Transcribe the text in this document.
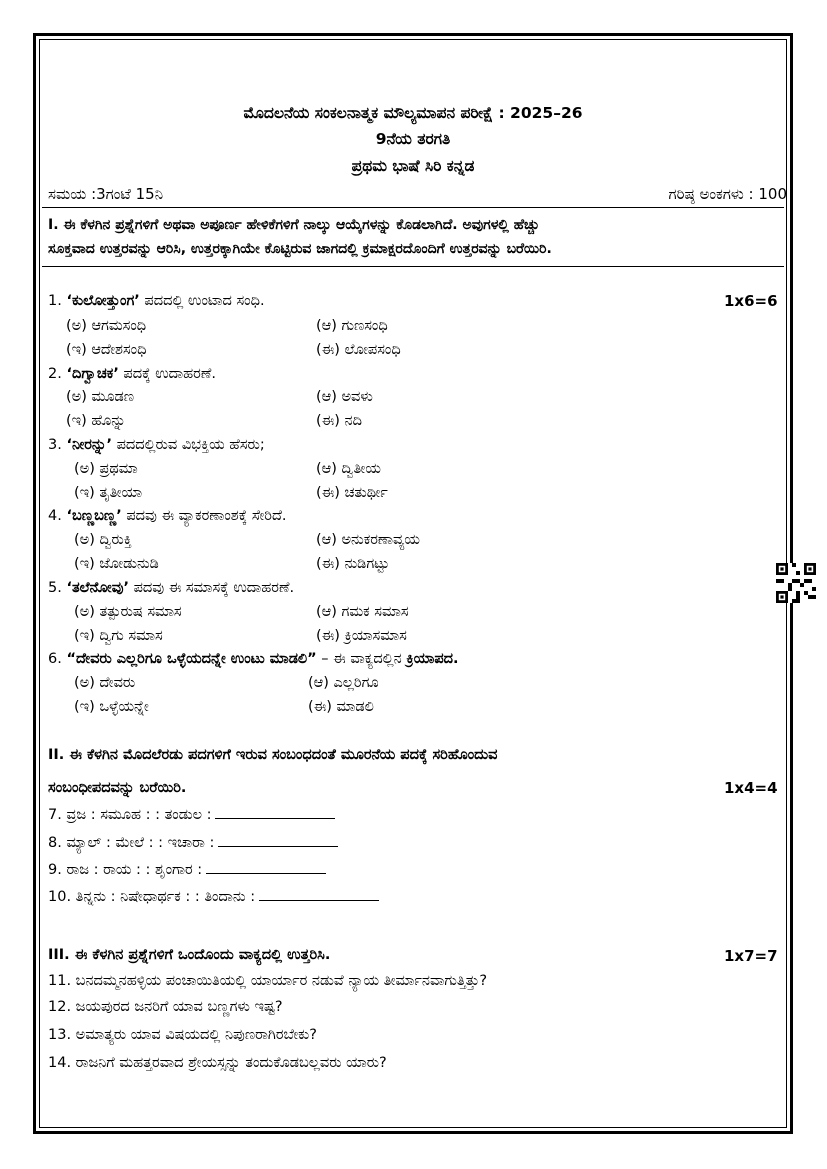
ಮೊದಲನೆಯ ಸಂಕಲನಾತ್ಮಕ ಮೌಲ್ಯಮಾಪನ ಪರೀಕ್ಷೆ : 2025–26
9ನೆಯ ತರಗತಿ
ಪ್ರಥಮ ಭಾಷೆ ಸಿರಿ ಕನ್ನಡ
ಸಮಯ :3ಗಂಟೆ 15ನಿ	ಗರಿಷ್ಠ ಅಂಕಗಳು : 100
I. ಈ ಕೆಳಗಿನ ಪ್ರಶ್ನೆಗಳಿಗೆ ಅಥವಾ ಅಪೂರ್ಣ ಹೇಳಿಕೆಗಳಿಗೆ ನಾಲ್ಕು ಆಯ್ಕೆಗಳನ್ನು ಕೊಡಲಾಗಿದೆ. ಅವುಗಳಲ್ಲಿ ಹೆಚ್ಚು
ಸೂಕ್ತವಾದ ಉತ್ತರವನ್ನು ಆರಿಸಿ, ಉತ್ತರಕ್ಕಾಗಿಯೇ ಕೊಟ್ಟಿರುವ ಜಾಗದಲ್ಲಿ ಕ್ರಮಾಕ್ಷರದೊಂದಿಗೆ ಉತ್ತರವನ್ನು ಬರೆಯಿರಿ.
1x6=6
1. ‘ಕುಲೋತ್ತುಂಗ’ ಪದದಲ್ಲಿ ಉಂಟಾದ ಸಂಧಿ.
(ಅ) ಆಗಮಸಂಧಿ	(ಆ) ಗುಣಸಂಧಿ
(ಇ) ಆದೇಶಸಂಧಿ	(ಈ) ಲೋಪಸಂಧಿ
2. ‘ದಿಗ್ವಾಚಕ’ ಪದಕ್ಕೆ ಉದಾಹರಣೆ.
(ಅ) ಮೂಡಣ	(ಆ) ಅವಳು
(ಇ) ಹೊನ್ನು	(ಈ) ನದಿ
3. ‘ನೀರನ್ನು’ ಪದದಲ್ಲಿರುವ ವಿಭಕ್ತಿಯ ಹೆಸರು;
(ಅ) ಪ್ರಥಮಾ	(ಆ) ದ್ವಿತೀಯ
(ಇ) ತೃತೀಯಾ	(ಈ) ಚತುರ್ಥೀ
4. ‘ಬಣ್ಣಬಣ್ಣ’ ಪದವು ಈ ವ್ಯಾಕರಣಾಂಶಕ್ಕೆ ಸೇರಿದೆ.
(ಅ) ದ್ವಿರುಕ್ತಿ	(ಆ) ಅನುಕರಣಾವ್ಯಯ
(ಇ) ಜೋಡುನುಡಿ	(ಈ) ನುಡಿಗಟ್ಟು
5. ‘ತಲೆನೋವು’ ಪದವು ಈ ಸಮಾಸಕ್ಕೆ ಉದಾಹರಣೆ.
(ಅ) ತತ್ಪುರುಷ ಸಮಾಸ	(ಆ) ಗಮಕ ಸಮಾಸ
(ಇ) ದ್ವಿಗು ಸಮಾಸ	(ಈ) ಕ್ರಿಯಾಸಮಾಸ
6. “ದೇವರು ಎಲ್ಲರಿಗೂ ಒಳ್ಳೆಯದನ್ನೇ ಉಂಟು ಮಾಡಲಿ” – ಈ ವಾಕ್ಯದಲ್ಲಿನ ಕ್ರಿಯಾಪದ.
(ಅ) ದೇವರು	(ಆ) ಎಲ್ಲರಿಗೂ
(ಇ) ಒಳ್ಳೆಯನ್ನೇ	(ಈ) ಮಾಡಲಿ
II. ಈ ಕೆಳಗಿನ ಮೊದಲೆರಡು ಪದಗಳಿಗೆ ಇರುವ ಸಂಬಂಧದಂತೆ ಮೂರನೆಯ ಪದಕ್ಕೆ ಸರಿಹೊಂದುವ
ಸಂಬಂಧೀಪದವನ್ನು ಬರೆಯಿರಿ.	1x4=4
7. ವ್ರಜ : ಸಮೂಹ : : ತಂಡುಲ :
8. ಮ್ಯಾಲ್ : ಮೇಲೆ : : ಇಚಾರಾ :
9. ರಾಜ : ರಾಯ : : ಶೃಂಗಾರ :
10. ತಿನ್ನನು : ನಿಷೇಧಾರ್ಥಕ : : ತಿಂದಾನು :
III. ಈ ಕೆಳಗಿನ ಪ್ರಶ್ನೆಗಳಿಗೆ ಒಂದೊಂದು ವಾಕ್ಯದಲ್ಲಿ ಉತ್ತರಿಸಿ.	1x7=7
11. ಬನದಮ್ಮನಹಳ್ಳಿಯ ಪಂಚಾಯಿತಿಯಲ್ಲಿ ಯಾರ್ಯಾರ ನಡುವೆ ನ್ಯಾಯ ತೀರ್ಮಾನವಾಗುತ್ತಿತ್ತು?
12. ಜಯಪುರದ ಜನರಿಗೆ ಯಾವ ಬಣ್ಣಗಳು ಇಷ್ಟ?
13. ಅಮಾತ್ಯರು ಯಾವ ವಿಷಯದಲ್ಲಿ ನಿಪುಣರಾಗಿರಬೇಕು?
14. ರಾಜನಿಗೆ ಮಹತ್ತರವಾದ ಶ್ರೇಯಸ್ಸನ್ನು ತಂದುಕೊಡಬಲ್ಲವರು ಯಾರು?
